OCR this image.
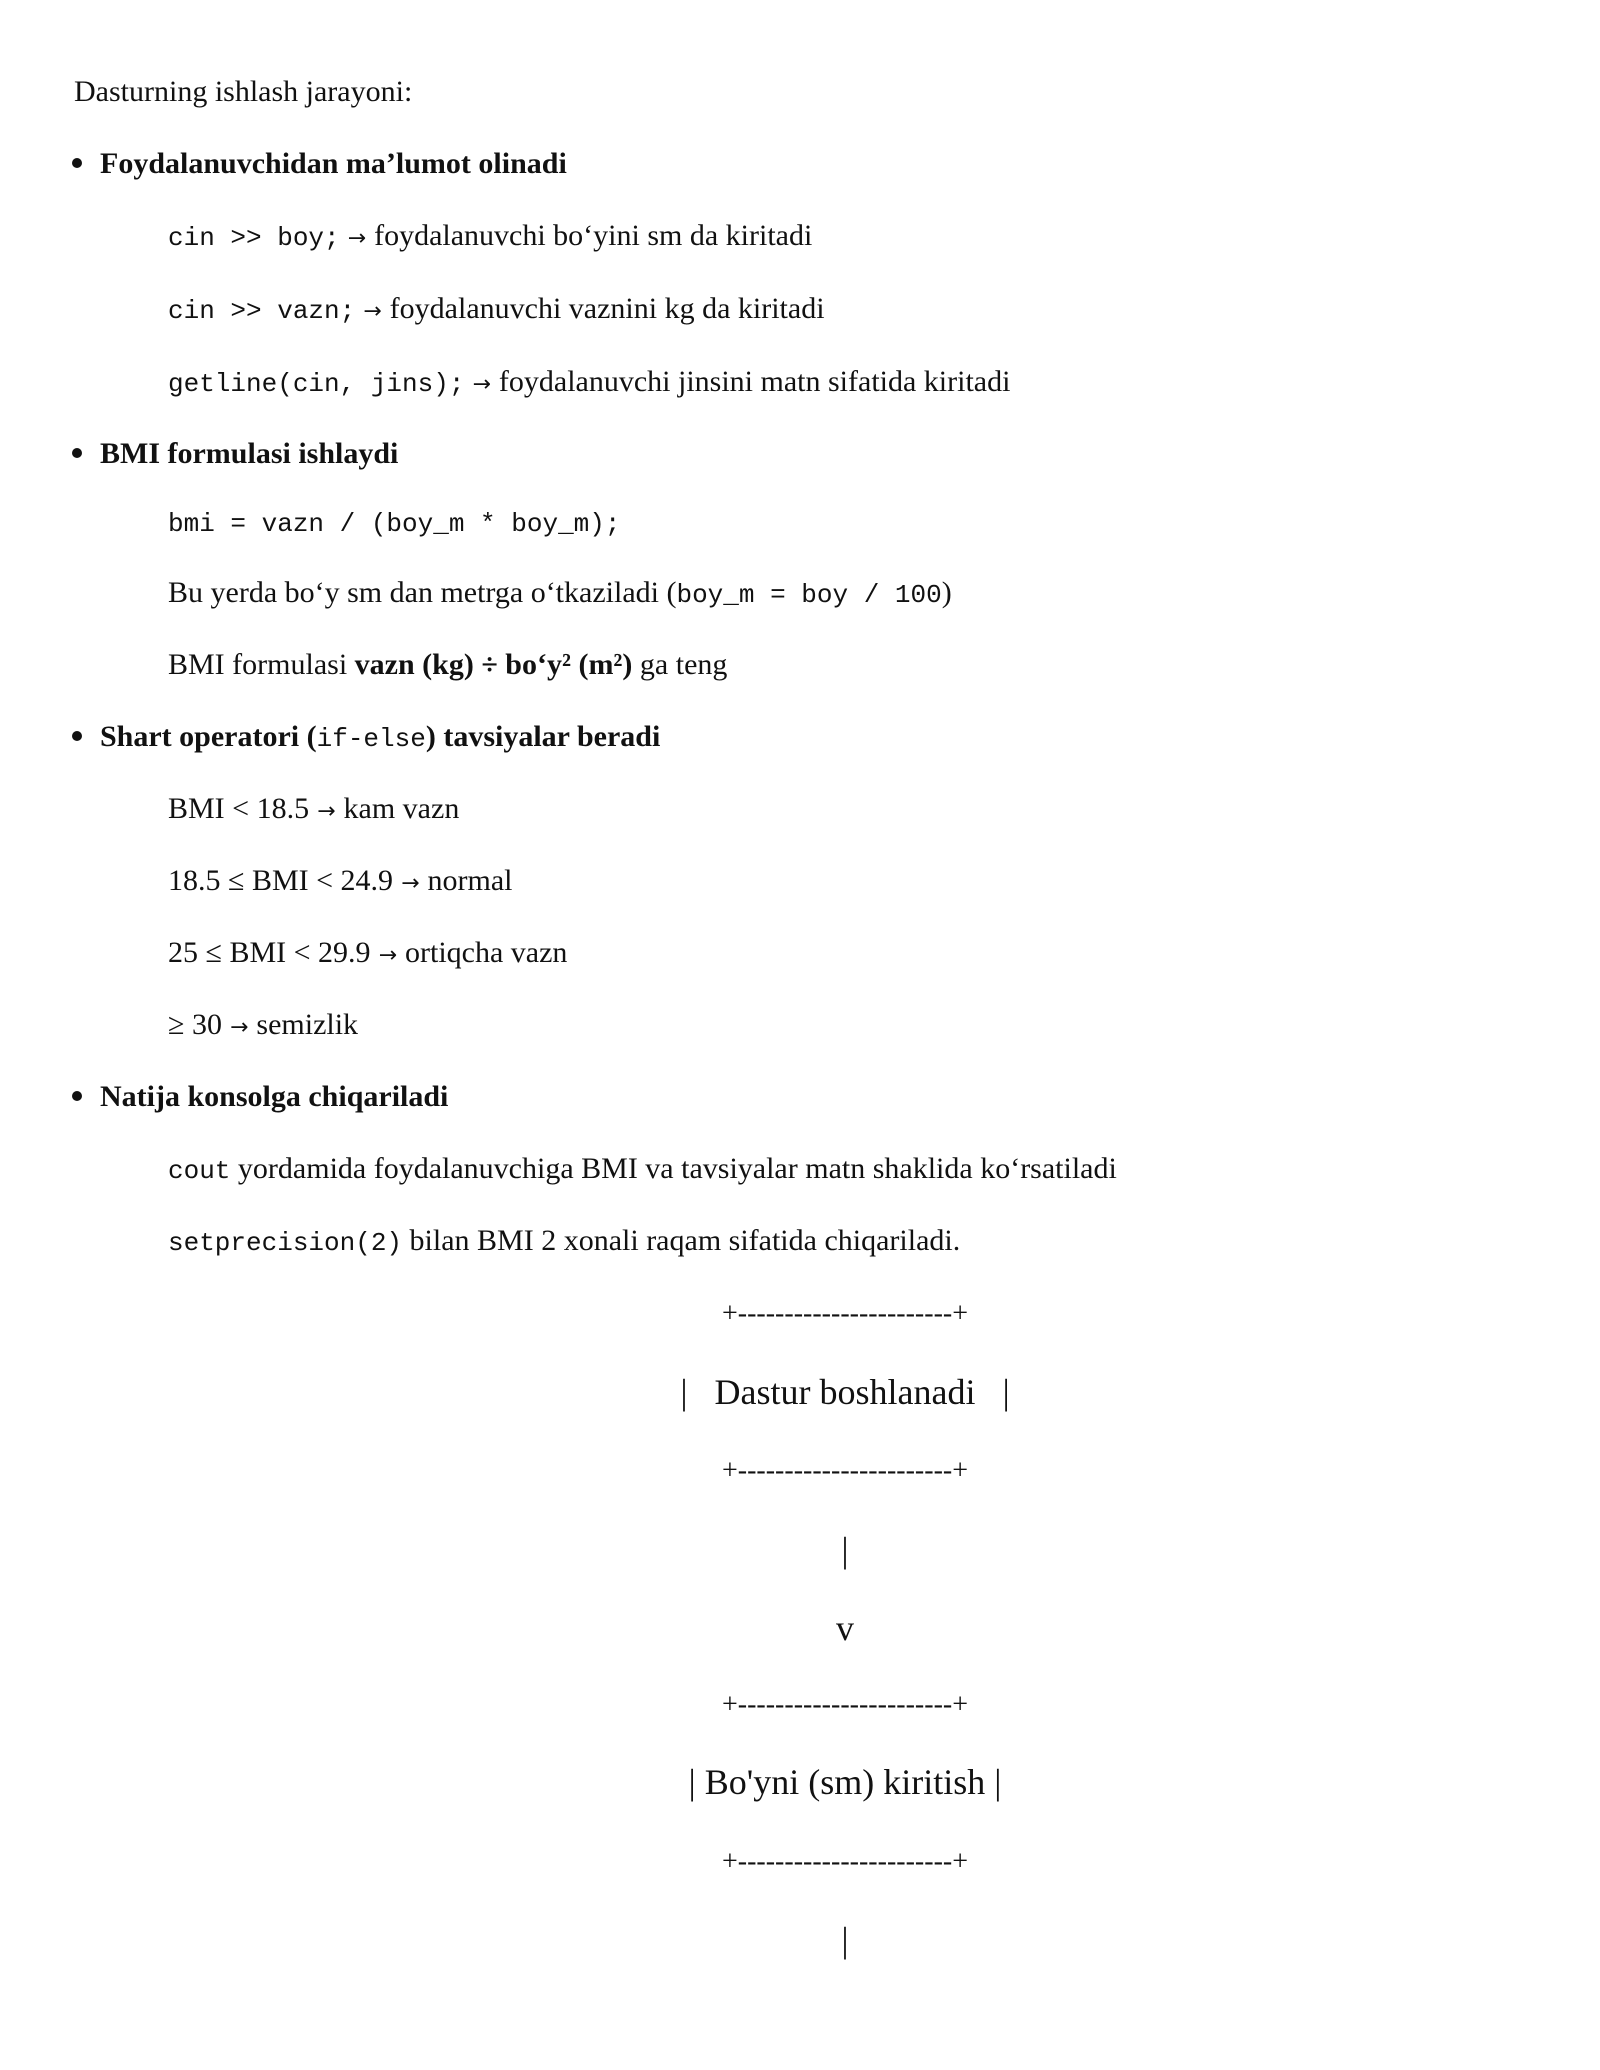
Dasturning ishlash jarayoni:
Foydalanuvchidan ma’lumot olinadi
cin >> boy; → foydalanuvchi bo‘yini sm da kiritadi
cin >> vazn; → foydalanuvchi vaznini kg da kiritadi
getline(cin, jins); → foydalanuvchi jinsini matn sifatida kiritadi
BMI formulasi ishlaydi
bmi = vazn / (boy_m * boy_m);
Bu yerda bo‘y sm dan metrga o‘tkaziladi (boy_m = boy / 100)
BMI formulasi vazn (kg) ÷ bo‘y² (m²) ga teng
Shart operatori (if-else) tavsiyalar beradi
BMI < 18.5 → kam vazn
18.5 ≤ BMI < 24.9 → normal
25 ≤ BMI < 29.9 → ortiqcha vazn
≥ 30 → semizlik
Natija konsolga chiqariladi
cout yordamida foydalanuvchiga BMI va tavsiyalar matn shaklida ko‘rsatiladi
setprecision(2) bilan BMI 2 xonali raqam sifatida chiqariladi.
+-----------------------+
|   Dastur boshlanadi   |
+-----------------------+
|
v
+-----------------------+
| Bo'yni (sm) kiritish |
+-----------------------+
|
